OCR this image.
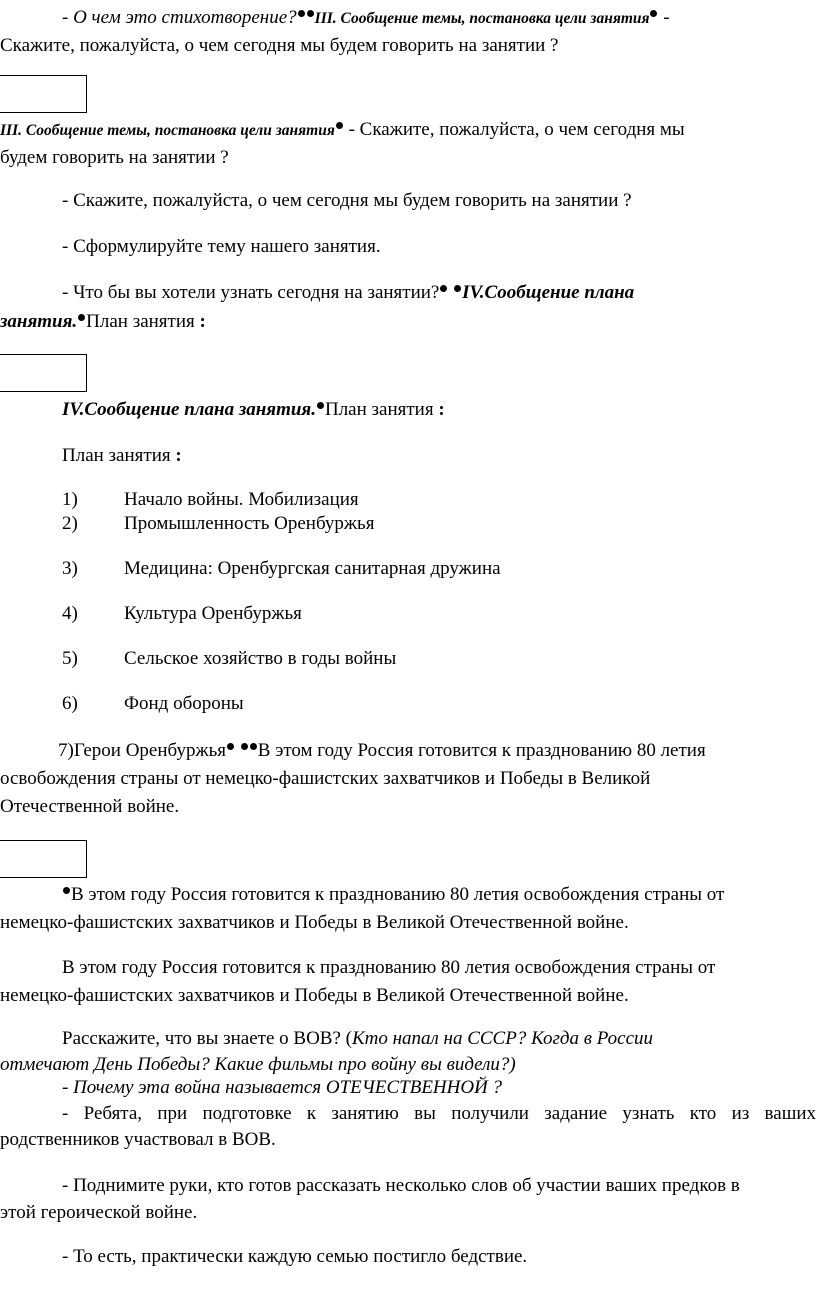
- О чем это стихотворение? III. Сообщение темы, постановка цели занятия -
Скажите, пожалуйста, о чем сегодня мы будем говорить на занятии ?
III. Сообщение темы, постановка цели занятия - Скажите, пожалуйста, о чем сегодня мы
будем говорить на занятии ?
- Скажите, пожалуйста, о чем сегодня мы будем говорить на занятии ?
- Сформулируйте тему нашего занятия.
- Что бы вы хотели узнать сегодня на занятии? IV.Сообщение плана
занятия. План занятия :
IV.Сообщение плана занятия. План занятия :
План занятия :
1) Начало войны. Мобилизация
2) Промышленность Оренбуржья
3) Медицина: Оренбургская санитарная дружина
4) Культура Оренбуржья
5) Сельское хозяйство в годы войны
6) Фонд обороны
7)Герои Оренбуржья В этом году Россия готовится к празднованию 80 летия
освобождения страны от немецко-фашистских захватчиков и Победы в Великой
Отечественной войне.
В этом году Россия готовится к празднованию 80 летия освобождения страны от
немецко-фашистских захватчиков и Победы в Великой Отечественной войне.
В этом году Россия готовится к празднованию 80 летия освобождения страны от
немецко-фашистских захватчиков и Победы в Великой Отечественной войне.
Расскажите, что вы знаете о ВОВ? (Кто напал на СССР? Когда в России
отмечают День Победы? Какие фильмы про войну вы видели?)
- Почему эта война называется ОТЕЧЕСТВЕННОЙ ?
- Ребята, при подготовке к занятию вы получили задание узнать кто из ваших
родственников участвовал в ВОВ.
- Поднимите руки, кто готов рассказать несколько слов об участии ваших предков в
этой героической войне.
- То есть, практически каждую семью постигло бедствие.
